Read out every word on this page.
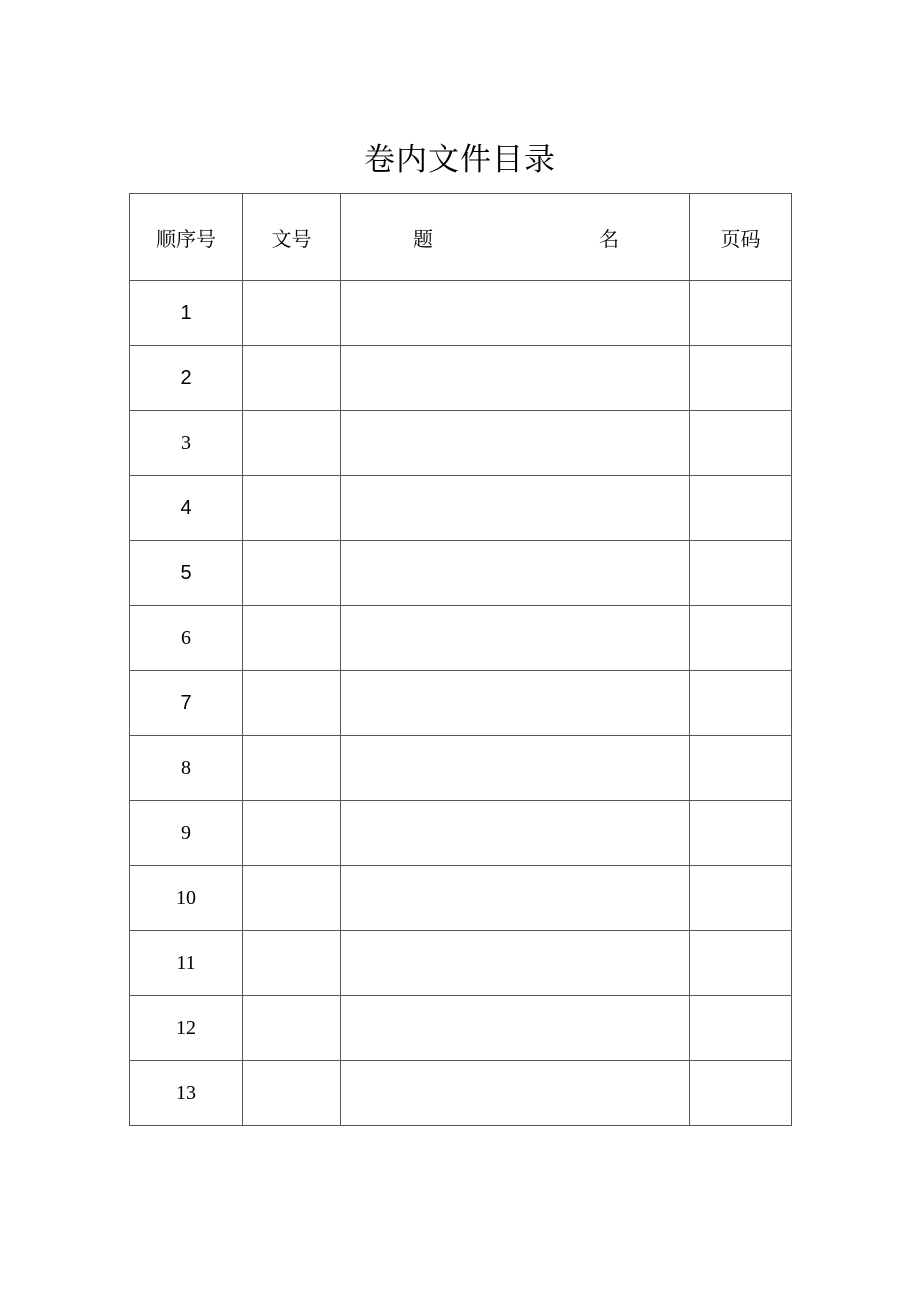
卷内文件目录
顺序号	文号	题 名	页码
1			
2			
3			
4			
5			
6			
7			
8			
9			
10			
11			
12			
13			
